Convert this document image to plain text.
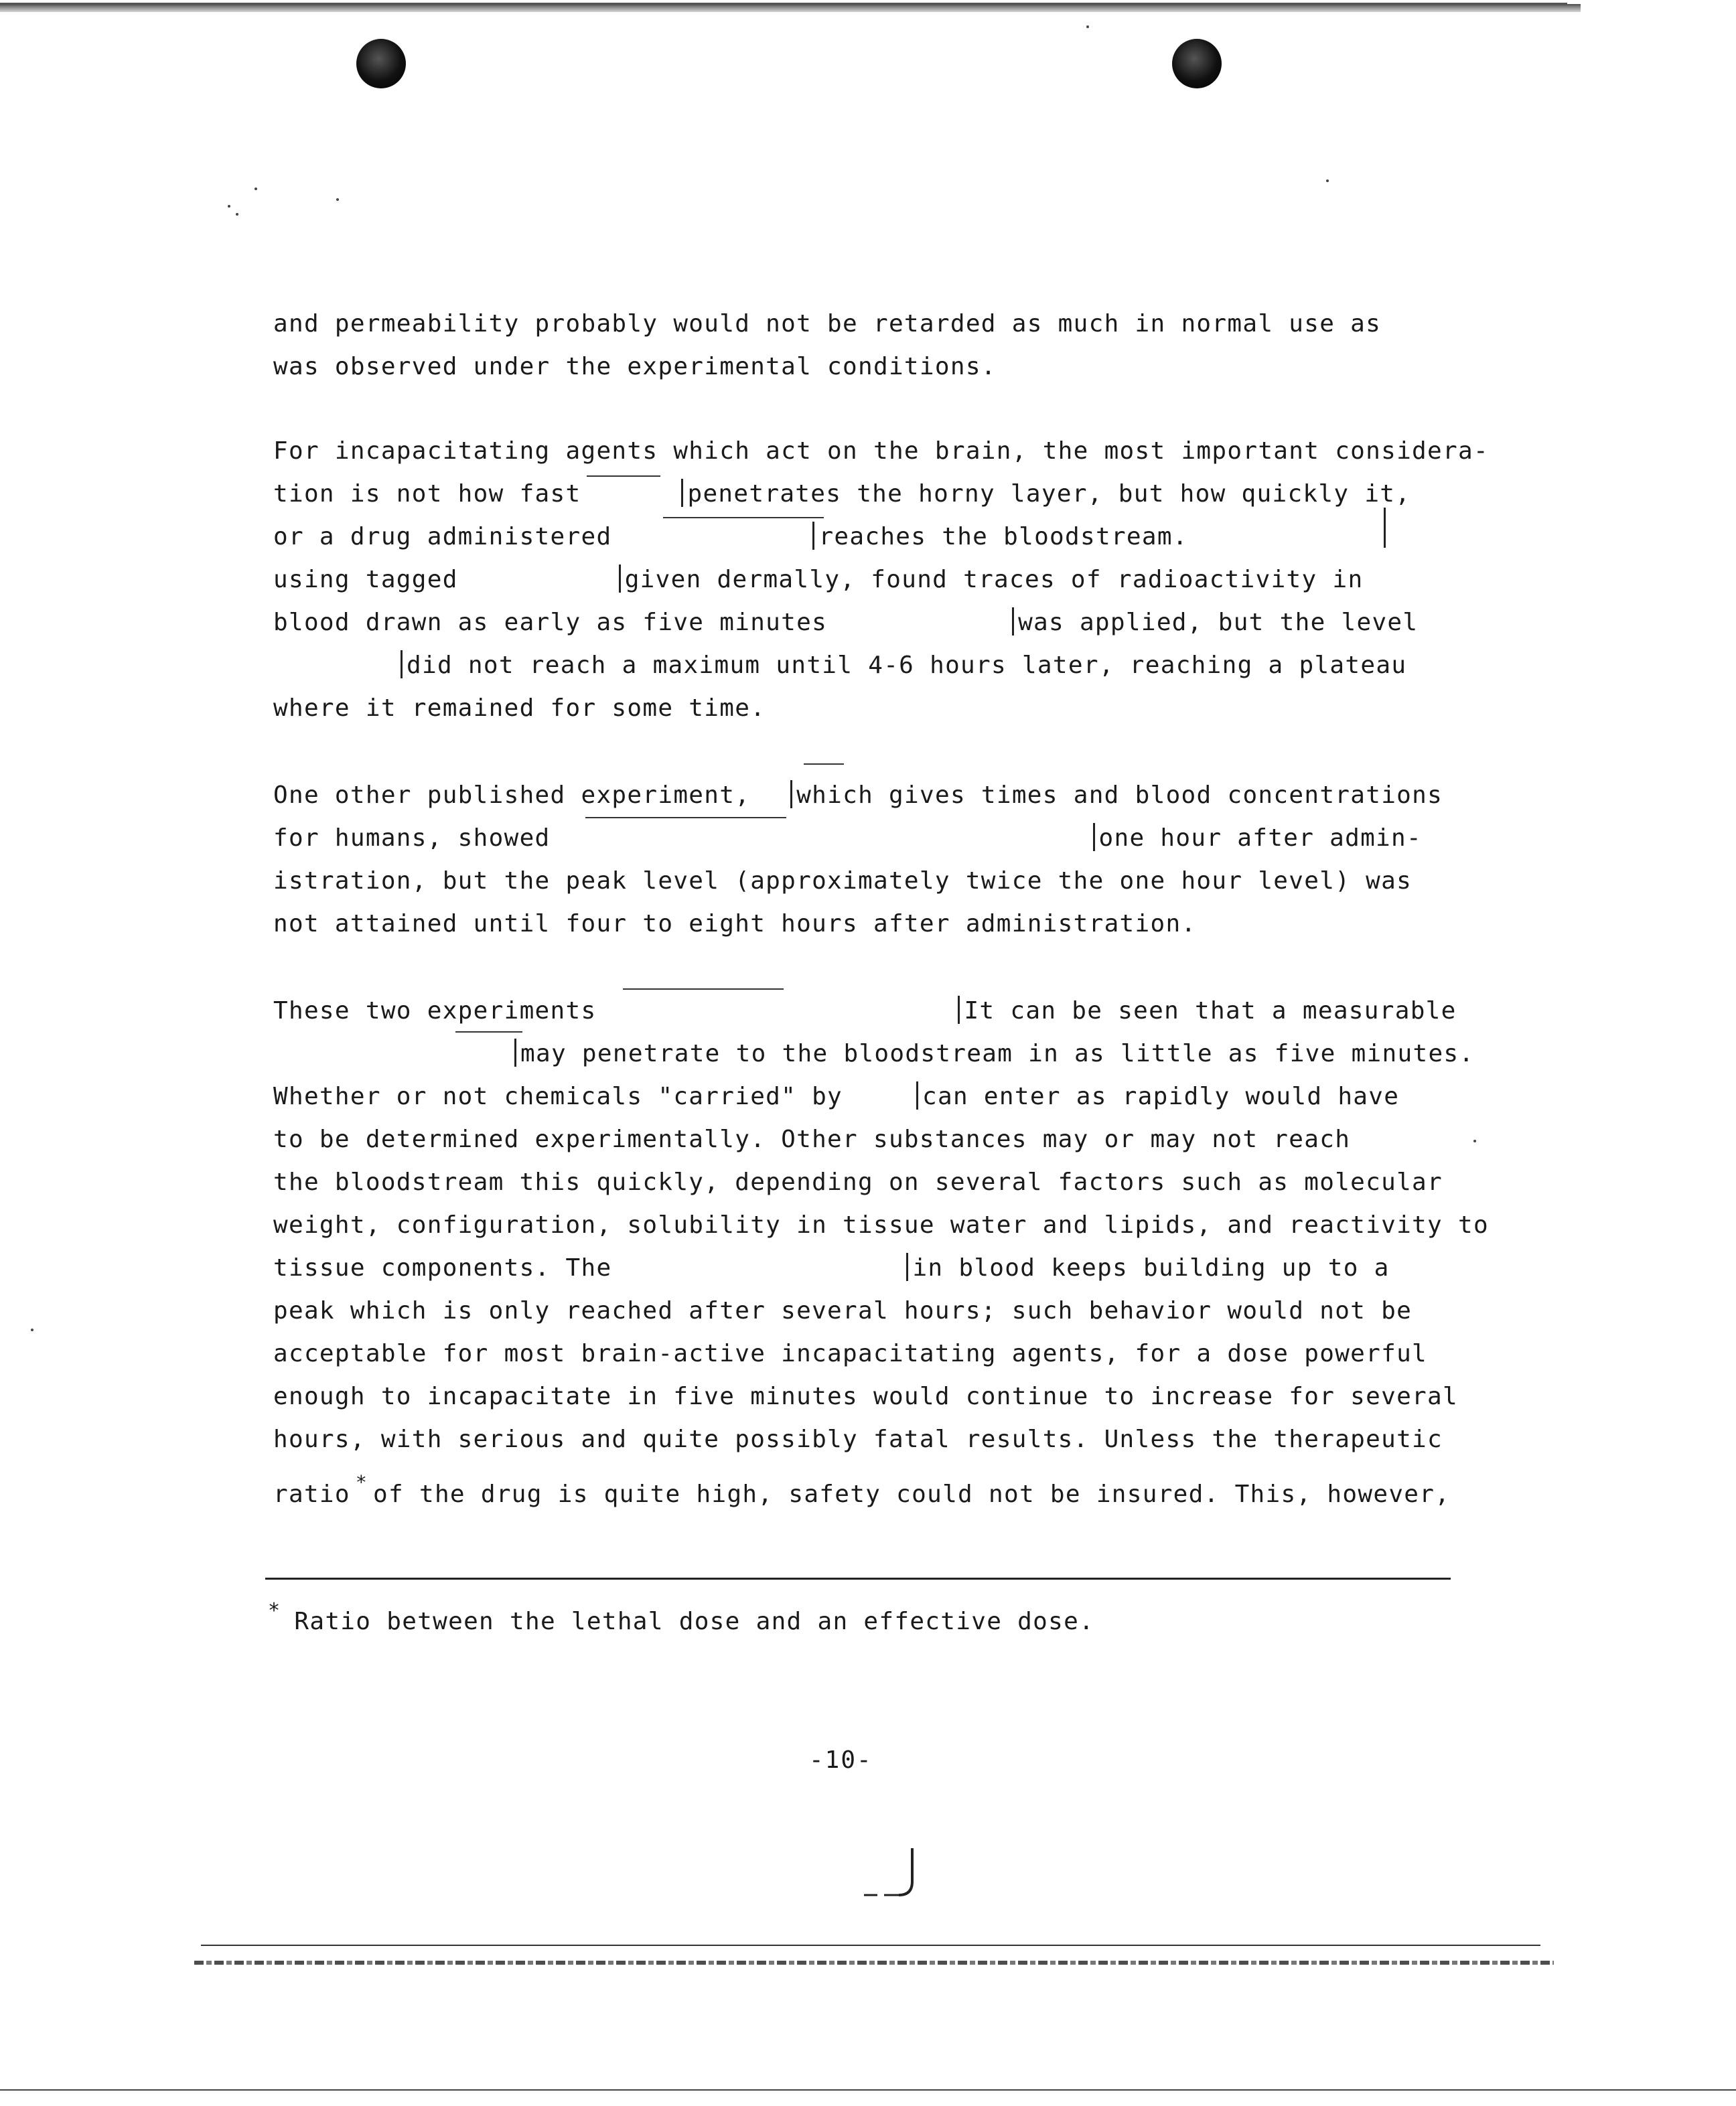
and permeability probably would not be retarded as much in normal use as
was observed under the experimental conditions.
For incapacitating agents which act on the brain, the most important considera-
tion is not how fast	penetrates the horny layer, but how quickly it,
or a drug administered	reaches the bloodstream.
using tagged	given dermally, found traces of radioactivity in
blood drawn as early as five minutes	was applied, but the level
did not reach a maximum until 4-6 hours later, reaching a plateau
where it remained for some time.
One other published experiment, which gives times and blood concentrations
for humans, showed	one hour after admin-
istration, but the peak level (approximately twice the one hour level) was
not attained until four to eight hours after administration.
These two experiments	It can be seen that a measurable
may penetrate to the bloodstream in as little as five minutes.
Whether or not chemicals "carried" by	can enter as rapidly would have
to be determined experimentally. Other substances may or may not reach
the bloodstream this quickly, depending on several factors such as molecular
weight, configuration, solubility in tissue water and lipids, and reactivity to
tissue components. The	in blood keeps building up to a
peak which is only reached after several hours; such behavior would not be
acceptable for most brain-active incapacitating agents, for a dose powerful
enough to incapacitate in five minutes would continue to increase for several
hours, with serious and quite possibly fatal results. Unless the therapeutic
ratio * of the drug is quite high, safety could not be insured. This, however,
* Ratio between the lethal dose and an effective dose.
-10-
